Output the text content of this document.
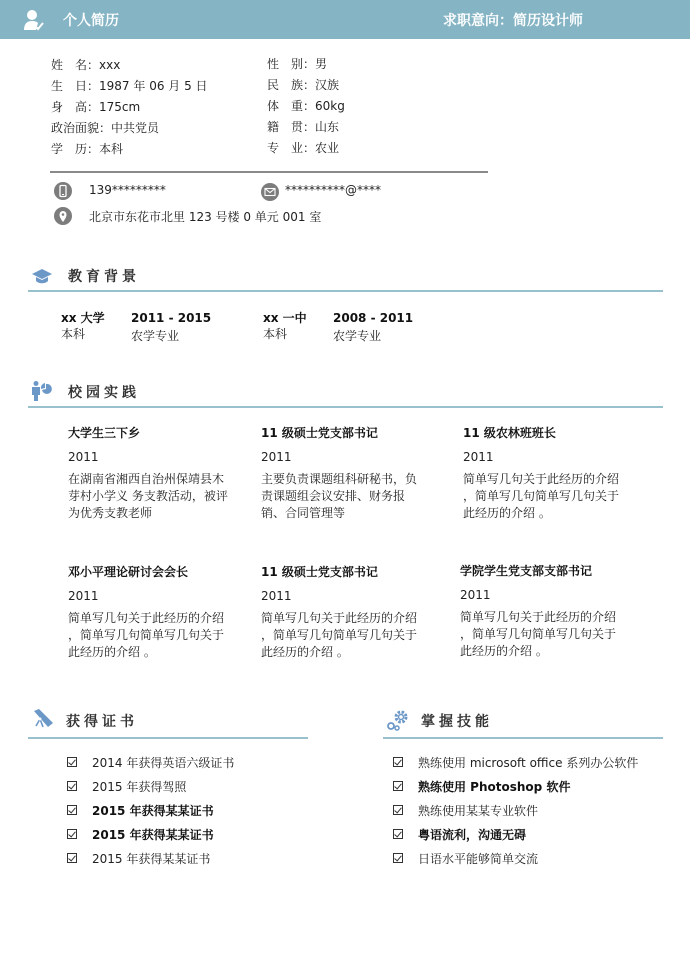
个人简历	求职意向：简历设计师
姓　名：xxx
生　日：1987 年 06 月 5 日
身　高：175cm
政治面貌：中共党员
学　历：本科
性　别：男
民　族：汉族
体　重：60kg
籍　贯：山东
专　业：农业
139*********	**********@****
北京市东花市北里 123 号楼 0 单元 001 室
教育背景
xx 大学
本科
2011 - 2015
农学专业
xx 一中
本科
2008 - 2011
农学专业
校园实践
大学生三下乡
2011
在湖南省湘西自治州保靖县木芽村小学义 务支教活动，被评为优秀支教老师
11 级硕士党支部书记
2011
主要负责课题组科研秘书，负责课题组会议安排、财务报销、合同管理等
11 级农林班班长
2011
简单写几句关于此经历的介绍 ，简单写几句简单写几句关于此经历的介绍 。
邓小平理论研讨会会长
2011
简单写几句关于此经历的介绍 ，简单写几句简单写几句关于此经历的介绍 。
11 级硕士党支部书记
2011
简单写几句关于此经历的介绍 ，简单写几句简单写几句关于此经历的介绍 。
学院学生党支部支部书记
2011
简单写几句关于此经历的介绍 ，简单写几句简单写几句关于此经历的介绍 。
获得证书
2014 年获得英语六级证书
2015 年获得驾照
2015 年获得某某证书
2015 年获得某某证书
2015 年获得某某证书
掌握技能
熟练使用 microsoft office 系列办公软件
熟练使用 Photoshop 软件
熟练使用某某专业软件
粤语流利，沟通无碍
日语水平能够简单交流
